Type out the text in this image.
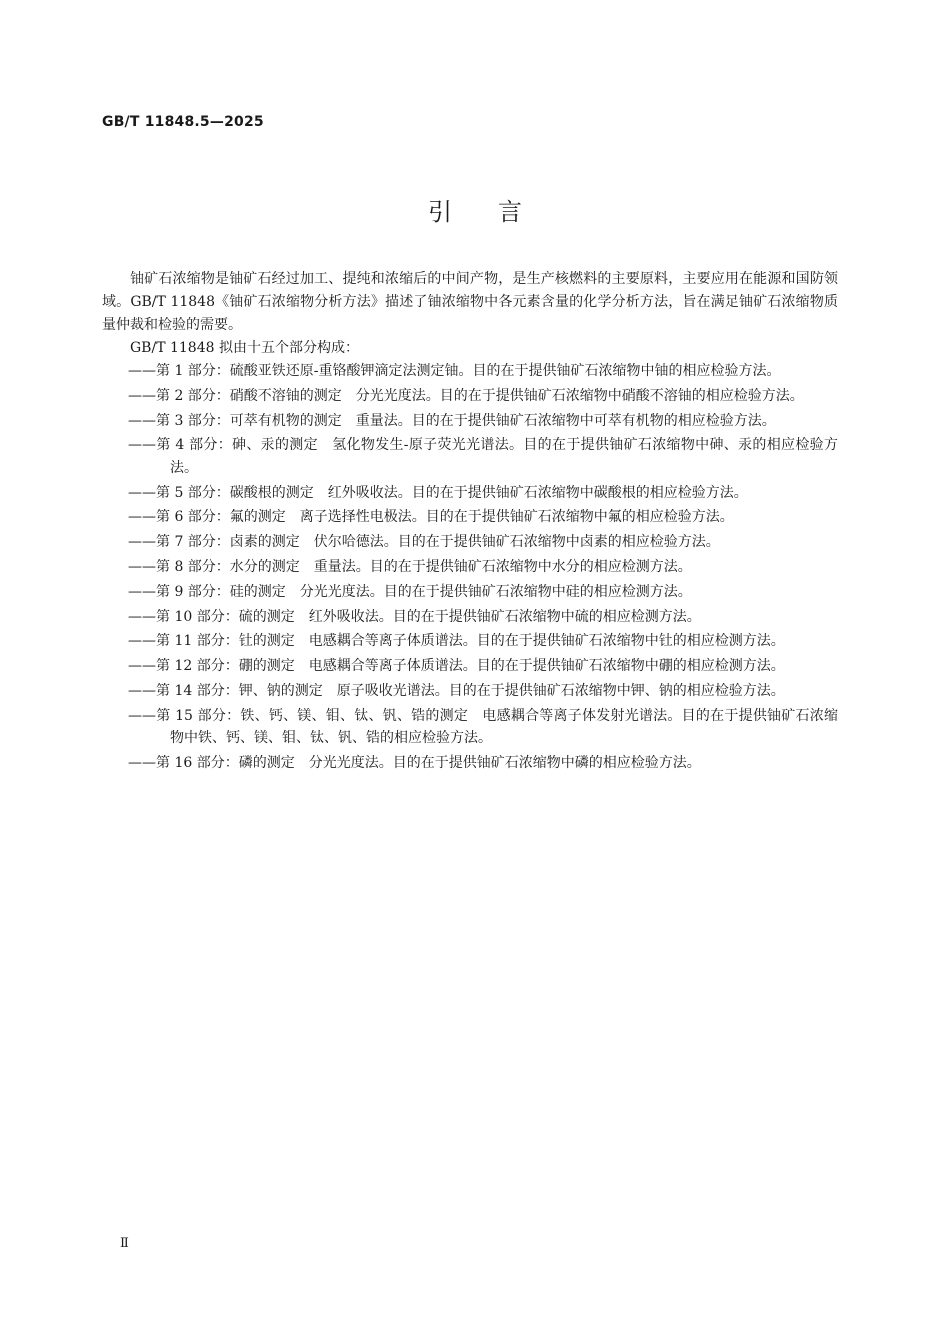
GB/T 11848.5—2025
引言

铀矿石浓缩物是铀矿石经过加工、提纯和浓缩后的中间产物，是生产核燃料的主要原料，主要应用在能源和国防领域。GB/T 11848《铀矿石浓缩物分析方法》描述了铀浓缩物中各元素含量的化学分析方法，旨在满足铀矿石浓缩物质量仲裁和检验的需要。

GB/T 11848 拟由十五个部分构成：

——第 1 部分：硫酸亚铁还原-重铬酸钾滴定法测定铀。目的在于提供铀矿石浓缩物中铀的相应检验方法。
——第 2 部分：硝酸不溶铀的测定　分光光度法。目的在于提供铀矿石浓缩物中硝酸不溶铀的相应检验方法。
——第 3 部分：可萃有机物的测定　重量法。目的在于提供铀矿石浓缩物中可萃有机物的相应检验方法。
——第 4 部分：砷、汞的测定　氢化物发生-原子荧光光谱法。目的在于提供铀矿石浓缩物中砷、汞的相应检验方法。
——第 5 部分：碳酸根的测定　红外吸收法。目的在于提供铀矿石浓缩物中碳酸根的相应检验方法。
——第 6 部分：氟的测定　离子选择性电极法。目的在于提供铀矿石浓缩物中氟的相应检验方法。
——第 7 部分：卤素的测定　伏尔哈德法。目的在于提供铀矿石浓缩物中卤素的相应检验方法。
——第 8 部分：水分的测定　重量法。目的在于提供铀矿石浓缩物中水分的相应检测方法。
——第 9 部分：硅的测定　分光光度法。目的在于提供铀矿石浓缩物中硅的相应检测方法。
——第 10 部分：硫的测定　红外吸收法。目的在于提供铀矿石浓缩物中硫的相应检测方法。
——第 11 部分：钍的测定　电感耦合等离子体质谱法。目的在于提供铀矿石浓缩物中钍的相应检测方法。
——第 12 部分：硼的测定　电感耦合等离子体质谱法。目的在于提供铀矿石浓缩物中硼的相应检测方法。
——第 14 部分：钾、钠的测定　原子吸收光谱法。目的在于提供铀矿石浓缩物中钾、钠的相应检验方法。
——第 15 部分：铁、钙、镁、钼、钛、钒、锆的测定　电感耦合等离子体发射光谱法。目的在于提供铀矿石浓缩物中铁、钙、镁、钼、钛、钒、锆的相应检验方法。
——第 16 部分：磷的测定　分光光度法。目的在于提供铀矿石浓缩物中磷的相应检验方法。
Ⅱ
